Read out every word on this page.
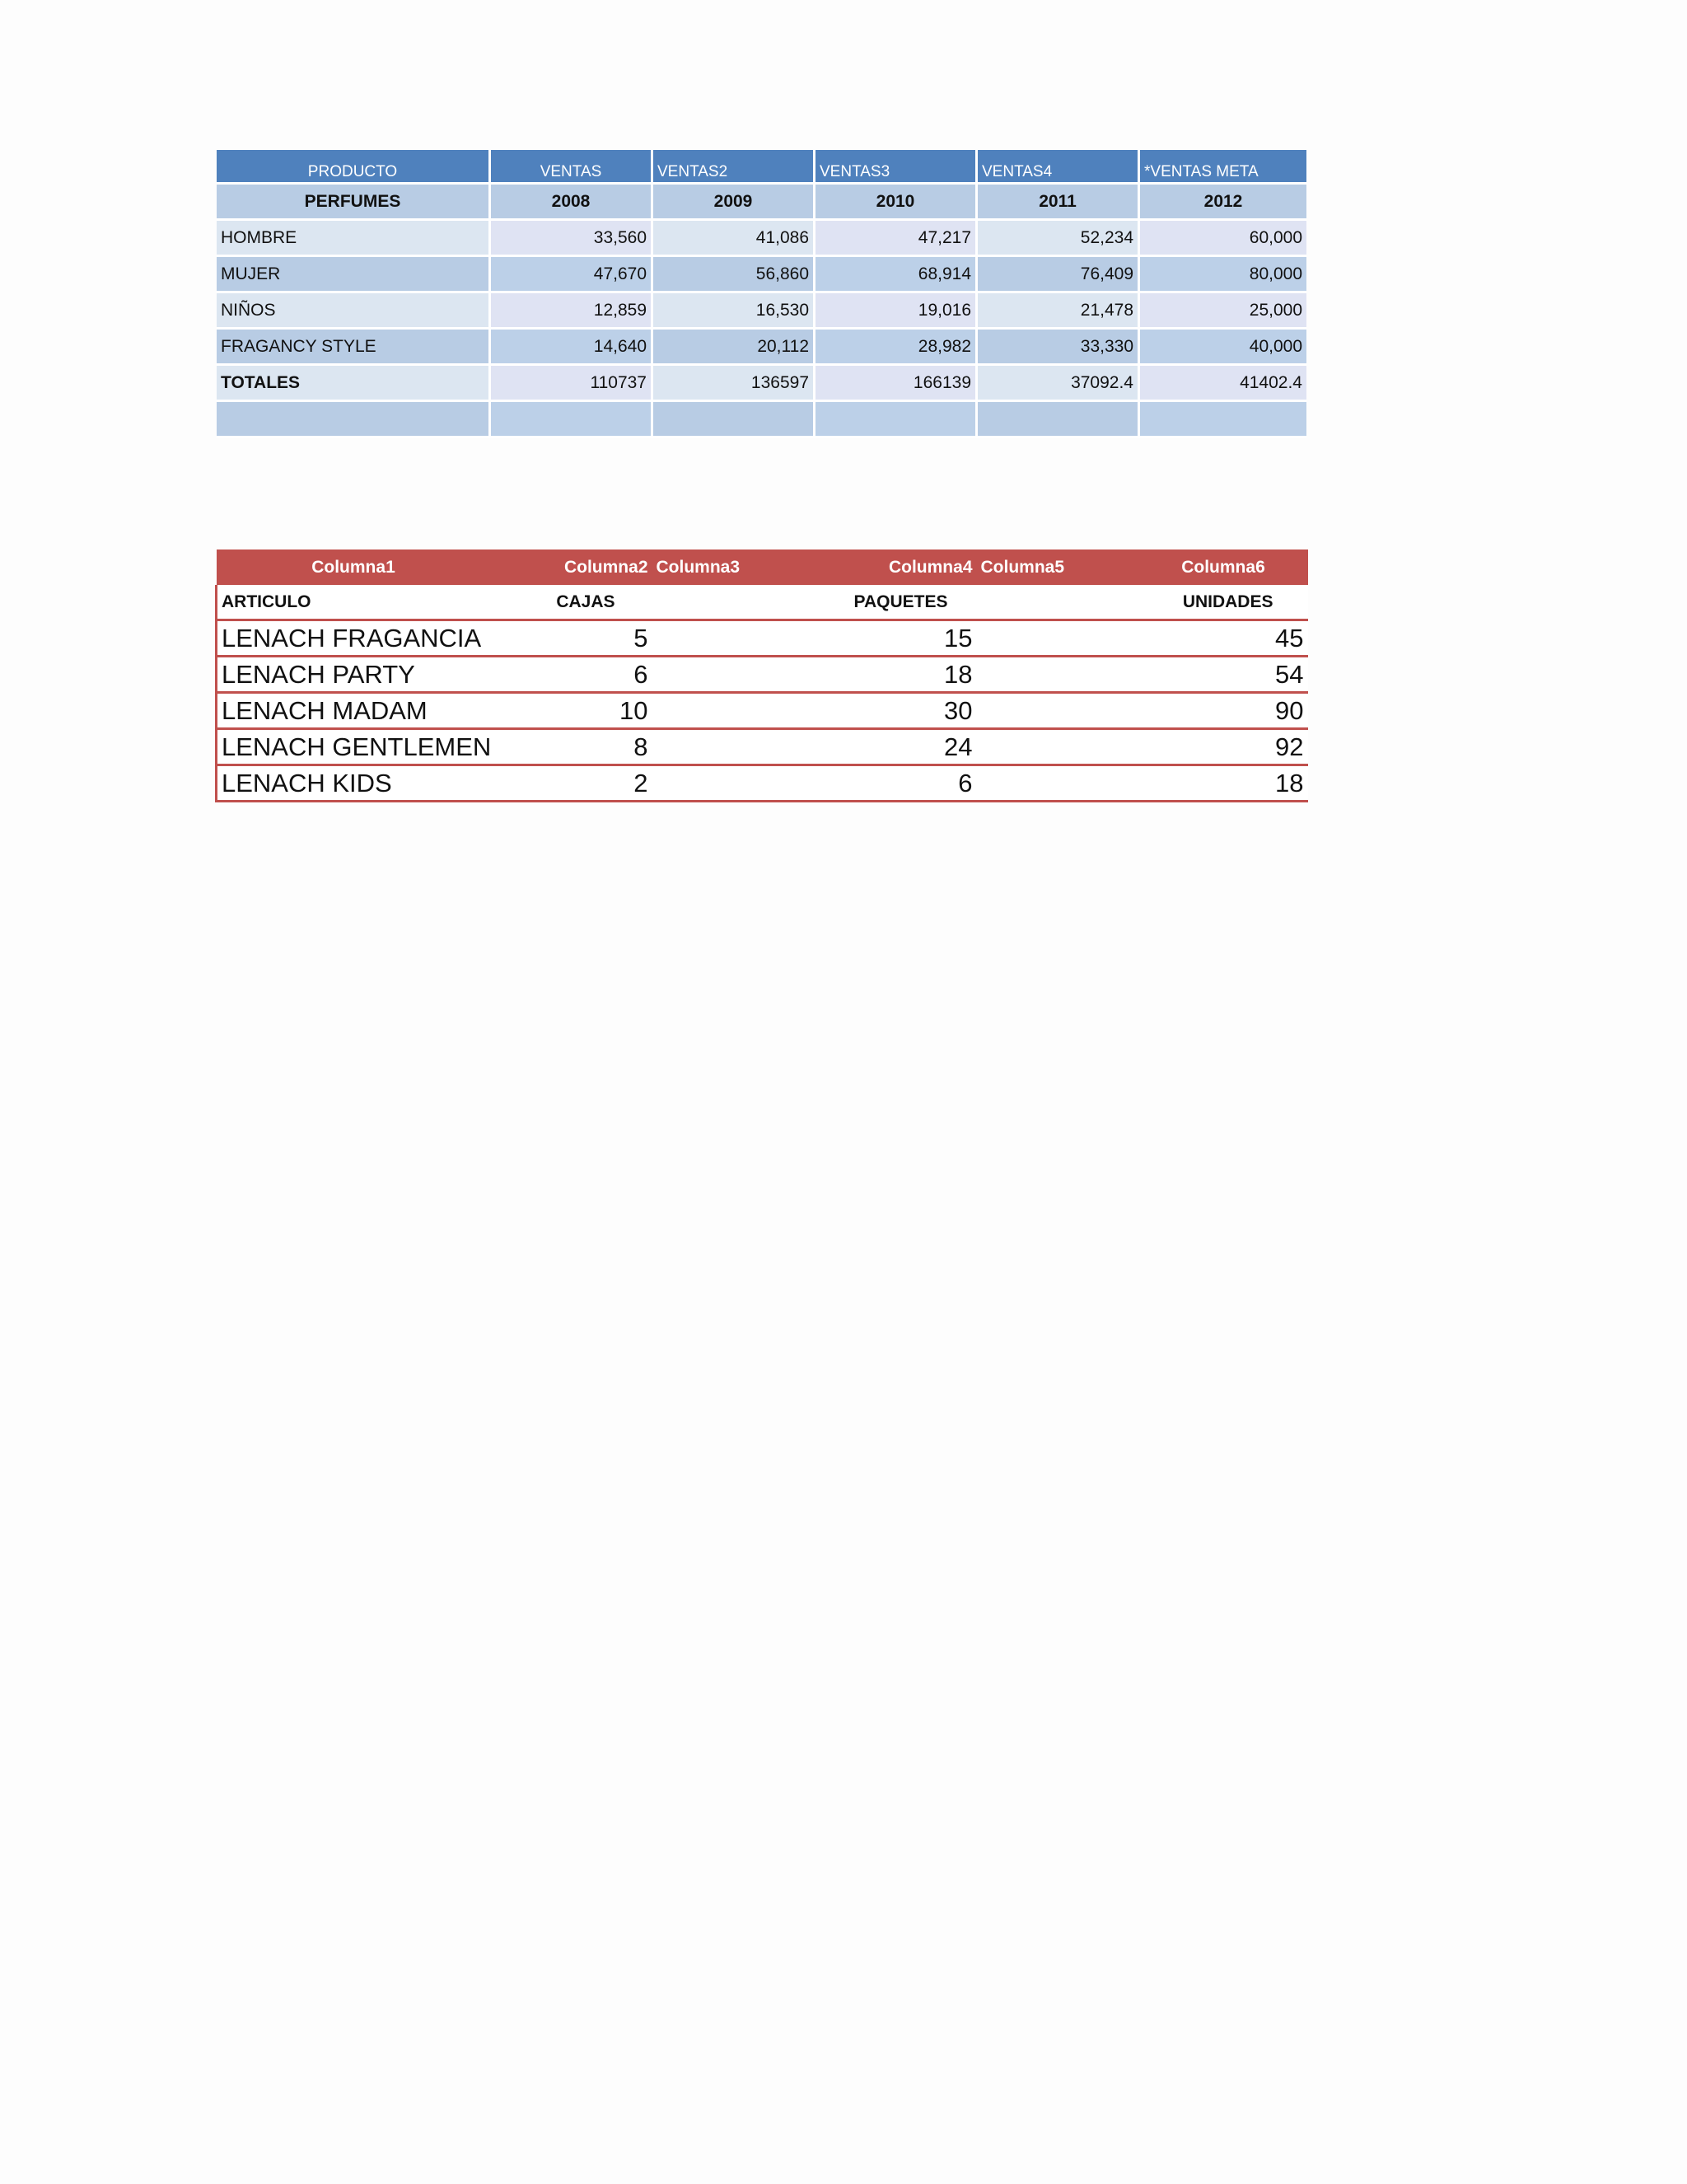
PRODUCTO	VENTAS	VENTAS2	VENTAS3	VENTAS4	*VENTAS META
PERFUMES	2008	2009	2010	2011	2012
HOMBRE	33,560	41,086	47,217	52,234	60,000
MUJER	47,670	56,860	68,914	76,409	80,000
NIÑOS	12,859	16,530	19,016	21,478	25,000
FRAGANCY STYLE	14,640	20,112	28,982	33,330	40,000
TOTALES	110737	136597	166139	37092.4	41402.4

Columna1	Columna2	Columna3	Columna4	Columna5	Columna6
ARTICULO	CAJAS		PAQUETES		UNIDADES
LENACH FRAGANCIA	5		15		45
LENACH PARTY	6		18		54
LENACH MADAM	10		30		90
LENACH GENTLEMEN	8		24		92
LENACH KIDS	2		6		18
